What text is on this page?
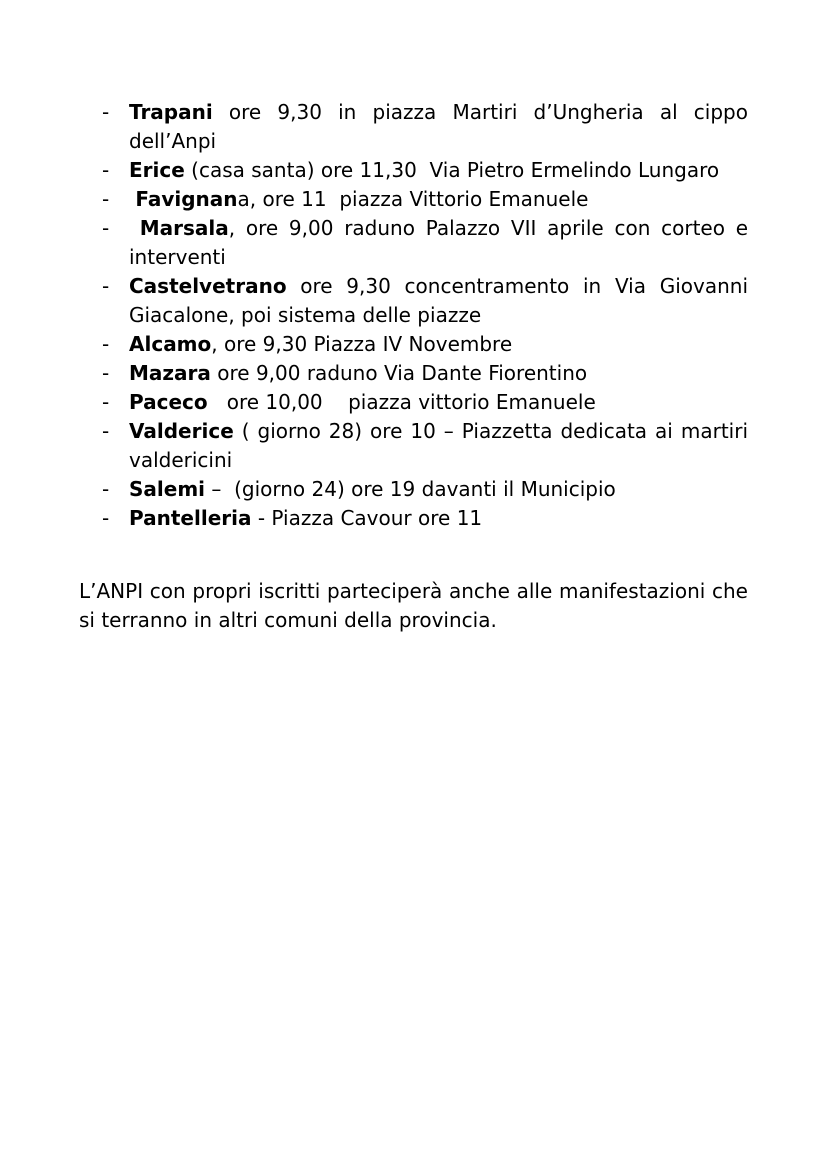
- Trapani ore 9,30 in piazza Martiri d’Ungheria al cippo dell’Anpi
- Erice (casa santa) ore 11,30  Via Pietro Ermelindo Lungaro
- Favignana, ore 11  piazza Vittorio Emanuele
- Marsala, ore 9,00 raduno Palazzo VII aprile con corteo e interventi
- Castelvetrano ore 9,30 concentramento in Via Giovanni Giacalone, poi sistema delle piazze
- Alcamo, ore 9,30 Piazza IV Novembre
- Mazara ore 9,00 raduno Via Dante Fiorentino
- Paceco   ore 10,00    piazza vittorio Emanuele
- Valderice ( giorno 28) ore 10 – Piazzetta dedicata ai martiri valdericini
- Salemi –  (giorno 24) ore 19 davanti il Municipio
- Pantelleria - Piazza Cavour ore 11

L’ANPI con propri iscritti parteciperà anche alle manifestazioni che si terranno in altri comuni della provincia.
